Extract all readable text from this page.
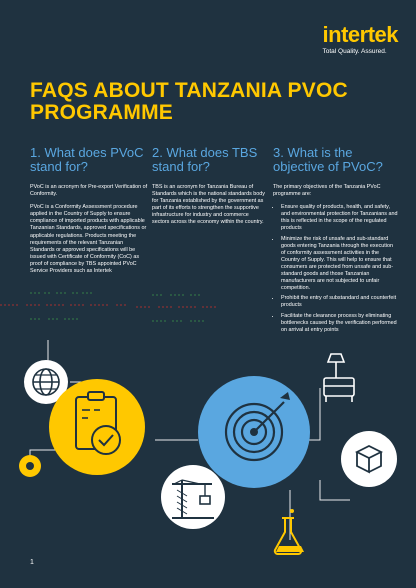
intertek
Total Quality. Assured.
FAQS ABOUT TANZANIA PVOC PROGRAMME
1. What does PVoC stand for?
PVoC is an acronym for Pre-export Verification of Conformity.
PVoC is a Conformity Assessment procedure applied in the Country of Supply to ensure compliance of imported products with applicable Tanzanian Standards, approved specifications or applicable regulations. Products meeting the requirements of the relevant Tanzanian Standards or approved specifications will be issued with Certificate of Conformity (CoC) as proof of compliance by TBS appointed PVoC Service Providers such as Intertek
2. What does TBS stand for?
TBS is an acronym for Tanzania Bureau of Standards which is the national standards body for Tanzania established by the government as part of its efforts to strengthen the supportive infrastructure for industry and commerce sectors across the economy within the country.
3. What is the objective of PVoC?
The primary objectives of the Tanzania PVoC programme are:
• Ensure quality of products, health, and safety, and environmental protection for Tanzanians and this is reflected in the scope of the regulated products
• Minimize the risk of unsafe and sub-standard goods entering Tanzania through the execution of conformity assessment activities in the Country of Supply. This will help to ensure that consumers are protected from unsafe and sub-standard goods and those Tanzanian manufacturers are not subjected to unfair competition.
• Prohibit the entry of substandard and counterfeit products
• Facilitate the clearance process by eliminating bottlenecks caused by the verification performed on arrival at entry points
1
